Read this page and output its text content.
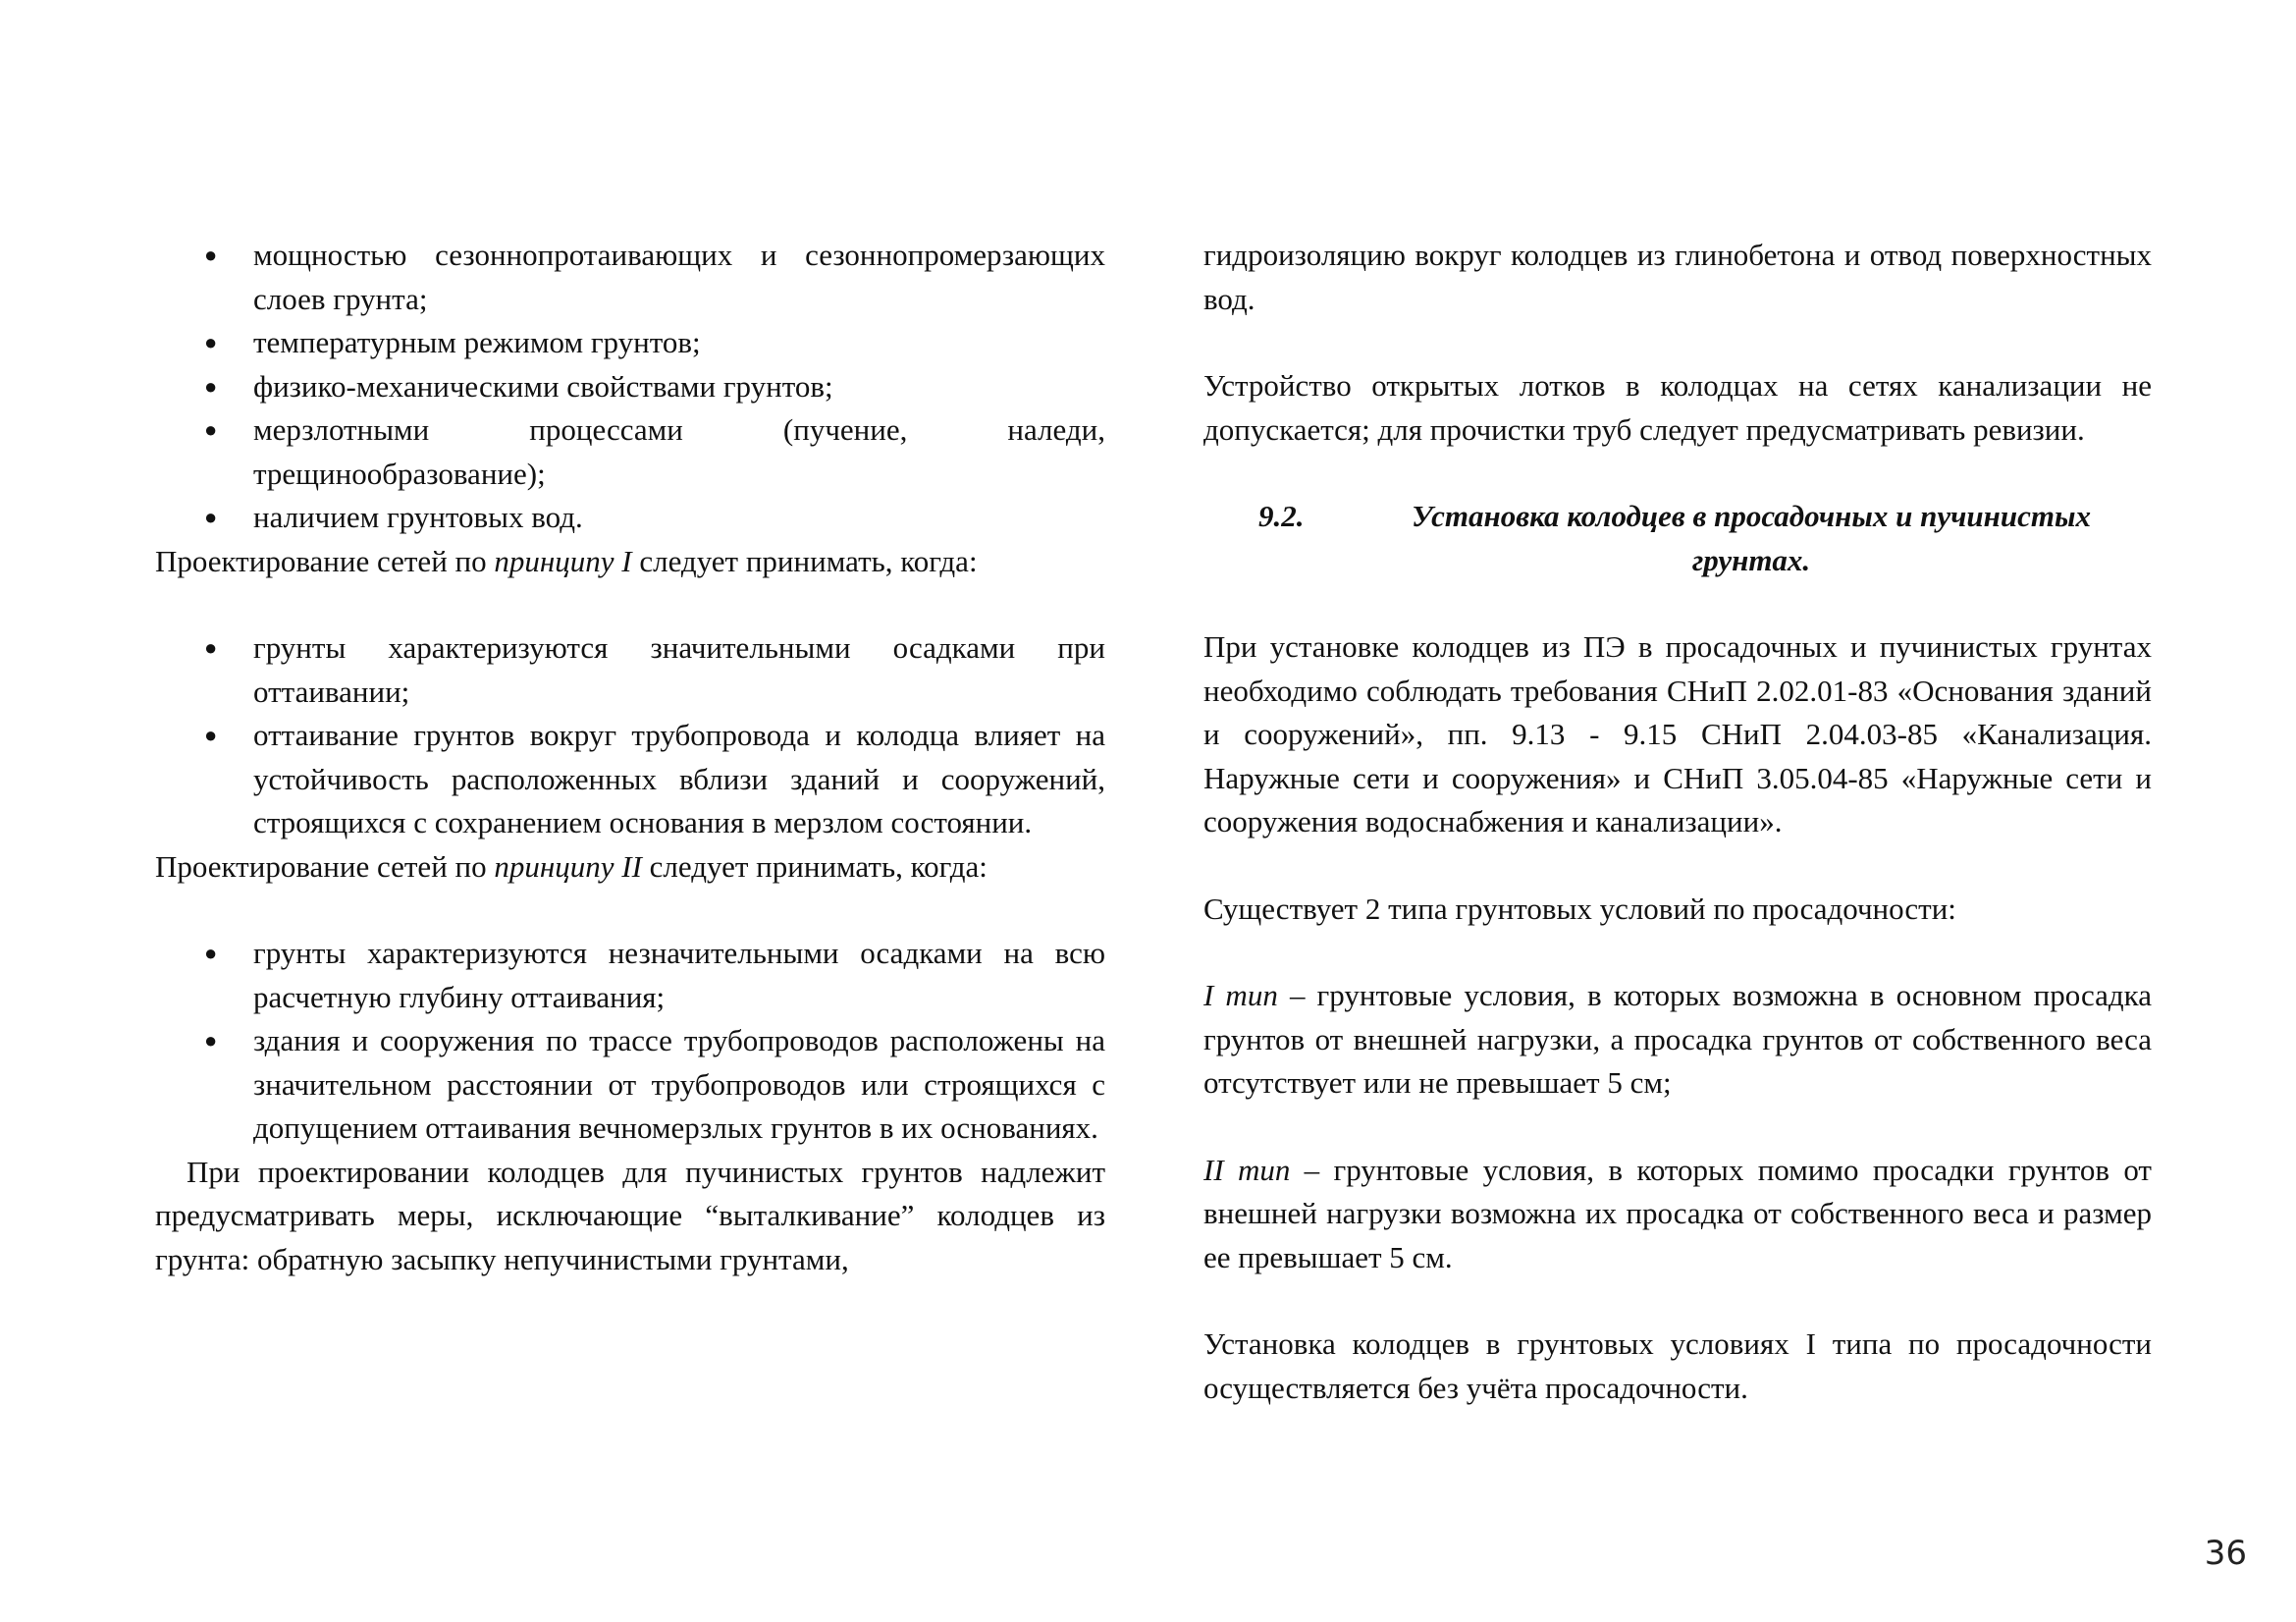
● мощностью сезоннопротаивающих и сезоннопромерзающих слоев грунта;
● температурным режимом грунтов;
● физико-механическими свойствами грунтов;
● мерзлотными процессами (пучение, наледи, трещинообразование);
● наличием грунтовых вод.

Проектирование сетей по принципу I следует принимать, когда:

● грунты характеризуются значительными осадками при оттаивании;
● оттаивание грунтов вокруг трубопровода и колодца влияет на устойчивость расположенных вблизи зданий и сооружений, строящихся с сохранением основания в мерзлом состоянии.

Проектирование сетей по принципу II следует принимать, когда:

● грунты характеризуются незначительными осадками на всю расчетную глубину оттаивания;
● здания и сооружения по трассе трубопроводов расположены на значительном расстоянии от трубопроводов или строящихся с допущением оттаивания вечномерзлых грунтов в их основаниях.

При проектировании колодцев для пучинистых грунтов надлежит предусматривать меры, исключающие “выталкивание” колодцев из грунта: обратную засыпку непучинистыми грунтами,

гидроизоляцию вокруг колодцев из глинобетона и отвод поверхностных вод.

Устройство открытых лотков в колодцах на сетях канализации не допускается; для прочистки труб следует предусматривать ревизии.

9.2.	Установка колодцев в просадочных и пучинистых грунтах.

При установке колодцев из ПЭ в просадочных и пучинистых грунтах необходимо соблюдать требования СНиП 2.02.01-83 «Основания зданий и сооружений», пп. 9.13 - 9.15 СНиП 2.04.03-85 «Канализация. Наружные сети и сооружения» и СНиП 3.05.04-85 «Наружные сети и сооружения водоснабжения и канализации».

Существует 2 типа грунтовых условий по просадочности:

I тип – грунтовые условия, в которых возможна в основном просадка грунтов от внешней нагрузки, а просадка грунтов от собственного веса отсутствует или не превышает 5 см;

II тип – грунтовые условия, в которых помимо просадки грунтов от внешней нагрузки возможна их просадка от собственного веса и размер ее превышает 5 см.

Установка колодцев в грунтовых условиях I типа по просадочности осуществляется без учёта просадочности.

36
